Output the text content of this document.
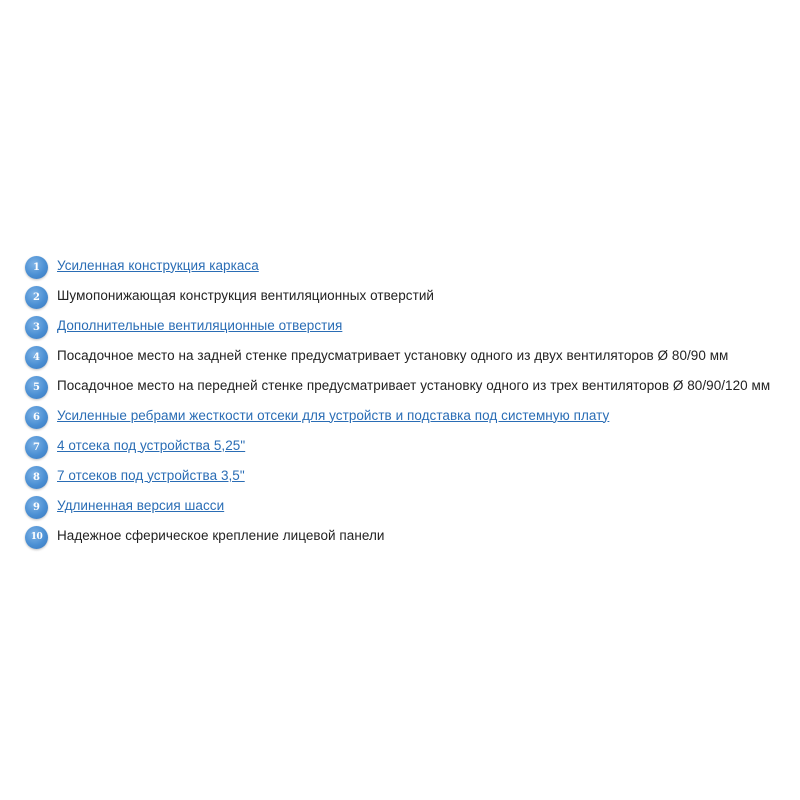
1	Усиленная конструкция каркаса
2	Шумопонижающая конструкция вентиляционных отверстий
3	Дополнительные вентиляционные отверстия
4	Посадочное место на задней стенке предусматривает установку одного из двух вентиляторов Ø 80/90 мм
5	Посадочное место на передней стенке предусматривает установку одного из трех вентиляторов Ø 80/90/120 мм
6	Усиленные ребрами жесткости отсеки для устройств и подставка под системную плату
7	4 отсека под устройства 5,25"
8	7 отсеков под устройства 3,5"
9	Удлиненная версия шасси
10	Надежное сферическое крепление лицевой панели
